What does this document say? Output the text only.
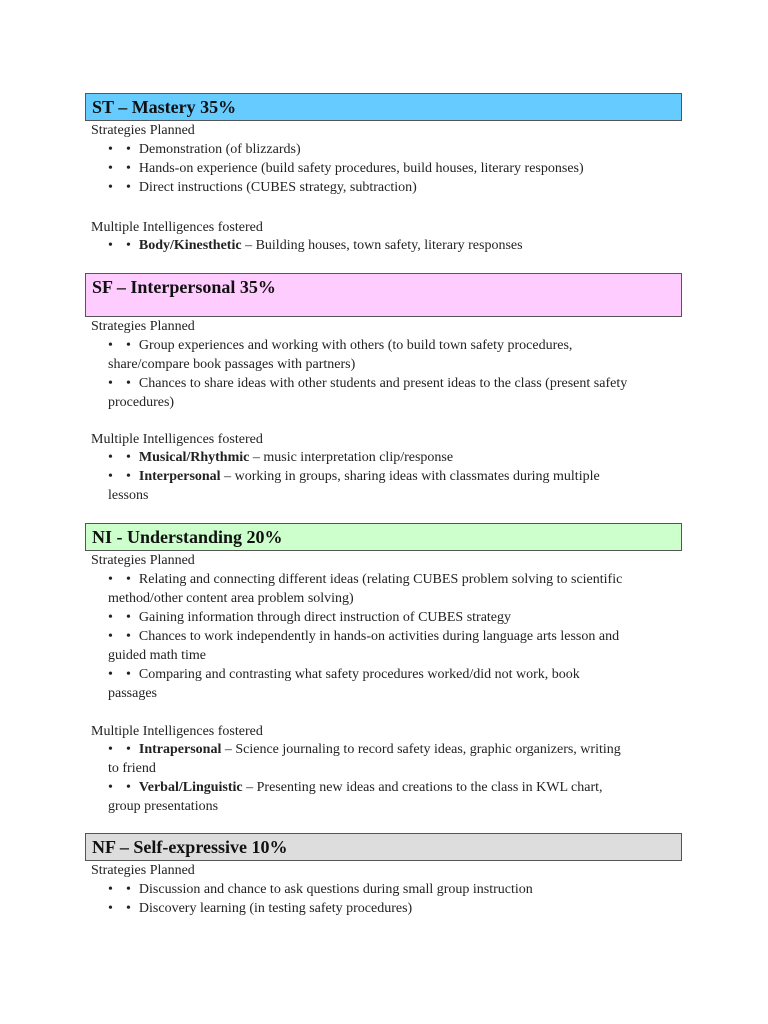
ST – Mastery 35%
Strategies Planned
• • Demonstration (of blizzards)
• • Hands-on experience (build safety procedures, build houses, literary responses)
• • Direct instructions (CUBES strategy, subtraction)
Multiple Intelligences fostered
• • Body/Kinesthetic – Building houses, town safety, literary responses
SF – Interpersonal 35%
Strategies Planned
• • Group experiences and working with others (to build town safety procedures,
share/compare book passages with partners)
• • Chances to share ideas with other students and present ideas to the class (present safety
procedures)
Multiple Intelligences fostered
• • Musical/Rhythmic – music interpretation clip/response
• • Interpersonal – working in groups, sharing ideas with classmates during multiple
lessons
NI - Understanding 20%
Strategies Planned
• • Relating and connecting different ideas (relating CUBES problem solving to scientific
method/other content area problem solving)
• • Gaining information through direct instruction of CUBES strategy
• • Chances to work independently in hands-on activities during language arts lesson and
guided math time
• • Comparing and contrasting what safety procedures worked/did not work, book
passages
Multiple Intelligences fostered
• • Intrapersonal – Science journaling to record safety ideas, graphic organizers, writing
to friend
• • Verbal/Linguistic – Presenting new ideas and creations to the class in KWL chart,
group presentations
NF – Self-expressive 10%
Strategies Planned
• • Discussion and chance to ask questions during small group instruction
• • Discovery learning (in testing safety procedures)
